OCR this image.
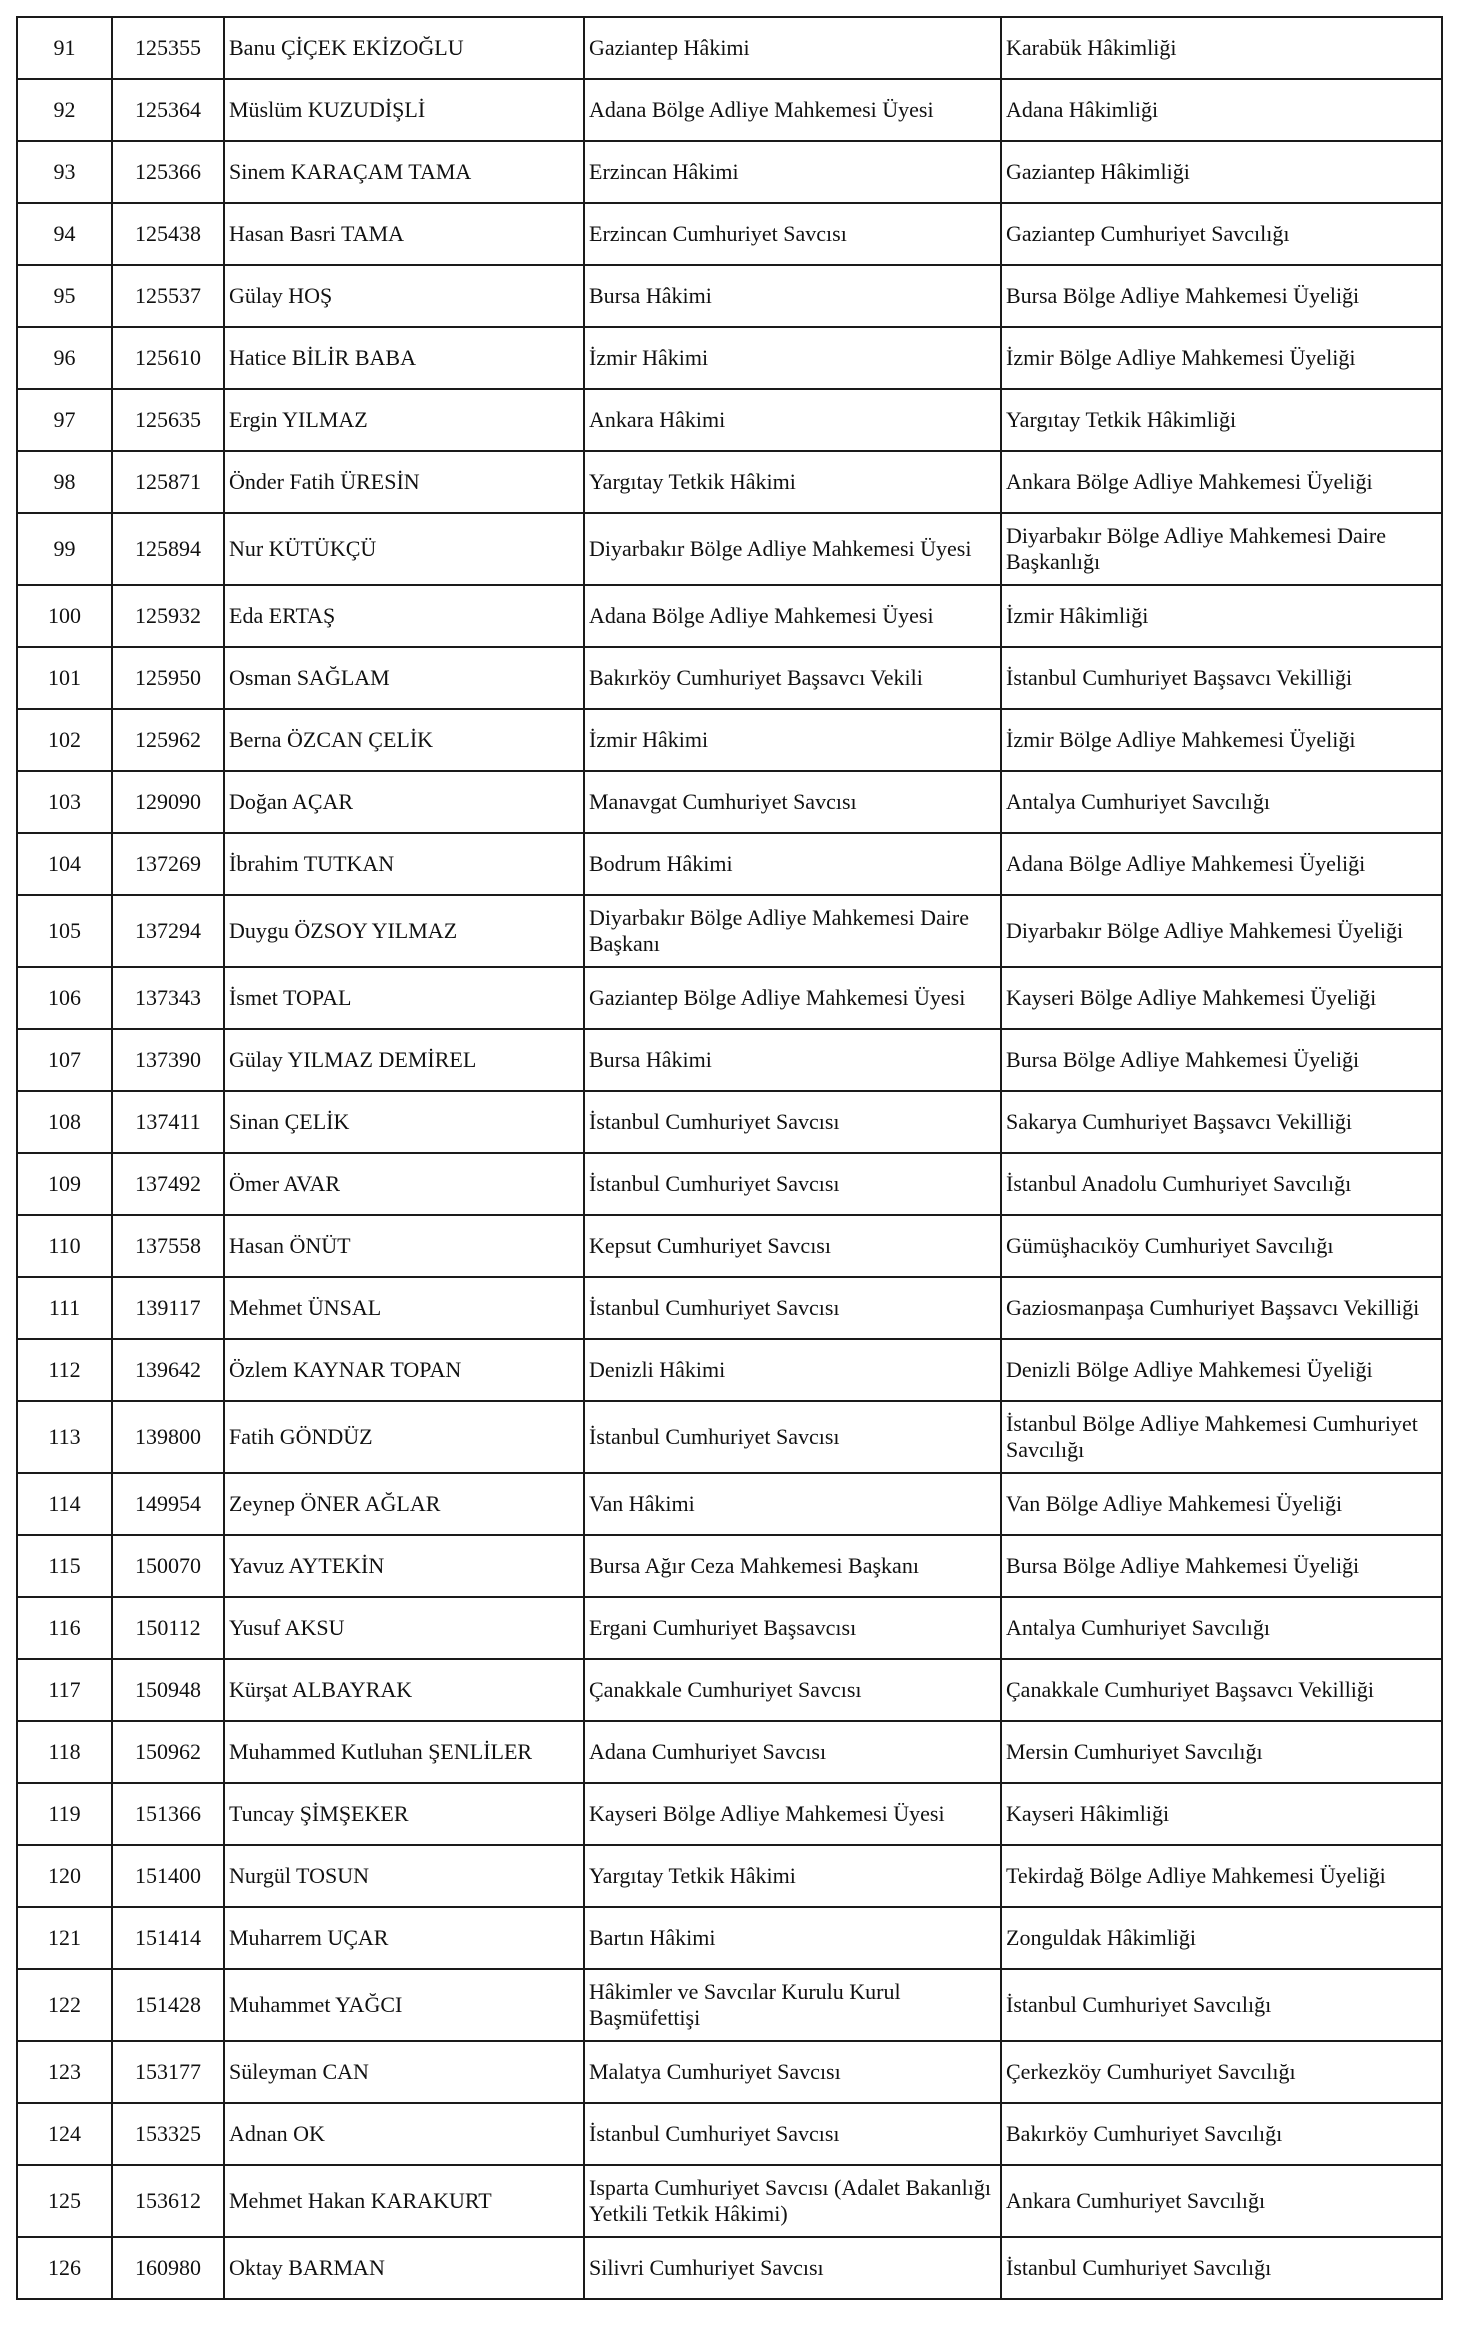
91	125355	Banu ÇİÇEK EKİZOĞLU	Gaziantep Hâkimi	Karabük Hâkimliği
92	125364	Müslüm KUZUDİŞLİ	Adana Bölge Adliye Mahkemesi Üyesi	Adana Hâkimliği
93	125366	Sinem KARAÇAM TAMA	Erzincan Hâkimi	Gaziantep Hâkimliği
94	125438	Hasan Basri TAMA	Erzincan Cumhuriyet Savcısı	Gaziantep Cumhuriyet Savcılığı
95	125537	Gülay HOŞ	Bursa Hâkimi	Bursa Bölge Adliye Mahkemesi Üyeliği
96	125610	Hatice BİLİR BABA	İzmir Hâkimi	İzmir Bölge Adliye Mahkemesi Üyeliği
97	125635	Ergin YILMAZ	Ankara Hâkimi	Yargıtay Tetkik Hâkimliği
98	125871	Önder Fatih ÜRESİN	Yargıtay Tetkik Hâkimi	Ankara Bölge Adliye Mahkemesi Üyeliği
99	125894	Nur KÜTÜKÇÜ	Diyarbakır Bölge Adliye Mahkemesi Üyesi	Diyarbakır Bölge Adliye Mahkemesi Daire Başkanlığı
100	125932	Eda ERTAŞ	Adana Bölge Adliye Mahkemesi Üyesi	İzmir Hâkimliği
101	125950	Osman SAĞLAM	Bakırköy Cumhuriyet Başsavcı Vekili	İstanbul Cumhuriyet Başsavcı Vekilliği
102	125962	Berna ÖZCAN ÇELİK	İzmir Hâkimi	İzmir Bölge Adliye Mahkemesi Üyeliği
103	129090	Doğan AÇAR	Manavgat Cumhuriyet Savcısı	Antalya Cumhuriyet Savcılığı
104	137269	İbrahim TUTKAN	Bodrum Hâkimi	Adana Bölge Adliye Mahkemesi Üyeliği
105	137294	Duygu ÖZSOY YILMAZ	Diyarbakır Bölge Adliye Mahkemesi Daire Başkanı	Diyarbakır Bölge Adliye Mahkemesi Üyeliği
106	137343	İsmet TOPAL	Gaziantep Bölge Adliye Mahkemesi Üyesi	Kayseri Bölge Adliye Mahkemesi Üyeliği
107	137390	Gülay YILMAZ DEMİREL	Bursa Hâkimi	Bursa Bölge Adliye Mahkemesi Üyeliği
108	137411	Sinan ÇELİK	İstanbul Cumhuriyet Savcısı	Sakarya Cumhuriyet Başsavcı Vekilliği
109	137492	Ömer AVAR	İstanbul Cumhuriyet Savcısı	İstanbul Anadolu Cumhuriyet Savcılığı
110	137558	Hasan ÖNÜT	Kepsut Cumhuriyet Savcısı	Gümüşhacıköy Cumhuriyet Savcılığı
111	139117	Mehmet ÜNSAL	İstanbul Cumhuriyet Savcısı	Gaziosmanpaşa Cumhuriyet Başsavcı Vekilliği
112	139642	Özlem KAYNAR TOPAN	Denizli Hâkimi	Denizli Bölge Adliye Mahkemesi Üyeliği
113	139800	Fatih GÖNDÜZ	İstanbul Cumhuriyet Savcısı	İstanbul Bölge Adliye Mahkemesi Cumhuriyet Savcılığı
114	149954	Zeynep ÖNER AĞLAR	Van Hâkimi	Van Bölge Adliye Mahkemesi Üyeliği
115	150070	Yavuz AYTEKİN	Bursa Ağır Ceza Mahkemesi Başkanı	Bursa Bölge Adliye Mahkemesi Üyeliği
116	150112	Yusuf AKSU	Ergani Cumhuriyet Başsavcısı	Antalya Cumhuriyet Savcılığı
117	150948	Kürşat ALBAYRAK	Çanakkale Cumhuriyet Savcısı	Çanakkale Cumhuriyet Başsavcı Vekilliği
118	150962	Muhammed Kutluhan ŞENLİLER	Adana Cumhuriyet Savcısı	Mersin Cumhuriyet Savcılığı
119	151366	Tuncay ŞİMŞEKER	Kayseri Bölge Adliye Mahkemesi Üyesi	Kayseri Hâkimliği
120	151400	Nurgül TOSUN	Yargıtay Tetkik Hâkimi	Tekirdağ Bölge Adliye Mahkemesi Üyeliği
121	151414	Muharrem UÇAR	Bartın Hâkimi	Zonguldak Hâkimliği
122	151428	Muhammet YAĞCI	Hâkimler ve Savcılar Kurulu Kurul Başmüfettişi	İstanbul Cumhuriyet Savcılığı
123	153177	Süleyman CAN	Malatya Cumhuriyet Savcısı	Çerkezköy Cumhuriyet Savcılığı
124	153325	Adnan OK	İstanbul Cumhuriyet Savcısı	Bakırköy Cumhuriyet Savcılığı
125	153612	Mehmet Hakan KARAKURT	Isparta Cumhuriyet Savcısı (Adalet Bakanlığı Yetkili Tetkik Hâkimi)	Ankara Cumhuriyet Savcılığı
126	160980	Oktay BARMAN	Silivri Cumhuriyet Savcısı	İstanbul Cumhuriyet Savcılığı
